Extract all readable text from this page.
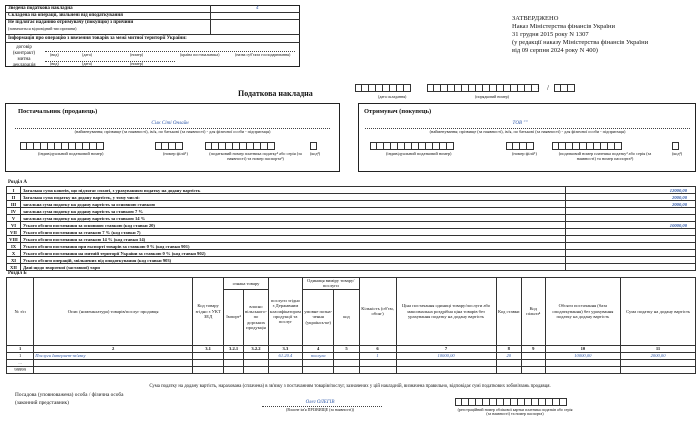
Зведена податкова накладна	4
Складена на операції, звільнені від оподаткування
Не підлягає наданню отримувачу (покупцю) з причини
(зазначається відповідний тип причини)
Інформація про операцію з ввезення товарів за межі митної території України:
договір (контракт)	(вид)	(дата)	(номер)	(країна постачальника)	(назва суб'єкта господарювання)
митна декларація	(вид)	(дата)	(номер)
ЗАТВЕРДЖЕНО
Наказ Міністерства фінансів України
31 грудня 2015 року N 1307
(у редакції наказу Міністерства фінансів України
від 09 серпня 2024 року N 400)
Податкова накладна	(дата складання)	(порядковий номер)
/
1
Постачальник (продавець)
Сілк Сіті Онлайн
(найменування; прізвище (за наявності), ім'я, по батькові (за наявності) - для фізичної особи - підприємця)
(індивідуальний податковий номер)	(номер філії¹)	(податковий номер платника податку² або серія (за наявності) та номер паспорта³)
(код²)
Отримувач (покупець)
ТОВ ""
(найменування; прізвище (за наявності), ім'я, по батькові (за наявності) - для фізичної особи - підприємця)
(індивідуальний податковий номер)	(номер філії¹)	(податковий номер платника податку² або серія (за наявності) та номер паспорта³)
(код²)
Розділ А
I	Загальна сума коштів, що підлягає сплаті, з урахуванням податку на додану вартість	12000,00
II	Загальна сума податку на додану вартість, у тому числі:	2000,00
III	загальна сума податку на додану вартість за основною ставкою	2000,00
IV	загальна сума податку на додану вартість за ставкою 7 %	
V	загальна сума податку на додану вартість за ставкою 14 %	
VI	Усього обсяги постачання за основною ставкою (код ставки 20)	10000,00
VII	Усього обсяги постачання за ставкою 7 % (код ставки 7)	
VIII	Усього обсяги постачання за ставкою 14 % (код ставки 14)	
IX	Усього обсяги постачання при експорті товарів за ставкою 0 % (код ставки 901)	
X	Усього обсяги постачання на митній території України за ставкою 0 % (код ставки 902)	
XI	Усього обсяги операцій, звільнених від оподаткування (код ставки 903)	
XII	Дані щодо зворотної (заставної) тари	
Розділ Б
№ з/п	Опис (номенклатура) товарів/послуг продавця	Код товару згідно з УКТ ЗЕД	ознака товару		послуги згідно з Державним класифікатором продукції та послуг	Одиниця виміру товару/послуги		Кількість (об'єм, обсяг)	Ціна постачання одиниці товару/послуги або максимальна роздрібна ціна товарів без урахування податку на додану вартість	Код ставки	Код пільги⁴	Обсяги постачання (база оподаткування) без урахування податку на додану вартість	Сума податку на додану вартість
			Імпорт²	власно вільського-по дорських продукція		умовне позна-чення (українсь-ке)	код						

1	2	3.1	3.2.1	3.2.2	3.3	4	5	6	7	8	9	10	11
1	Послуги Інтернет-зв'язку				61.20.4	послуга		1	10000,00	20		10000,00	2000,00
...													
99999													
Сума податку на додану вартість, нарахована (сплачена) в зв'язку з постачанням товарів/послуг, зазначених у цій накладній, визначена правильно, відповідає сумі податкових зобов'язань продавця.
Посадова (уповноважена) особа / фізична особа
(законний представник)	Олег ОЛЕГІВ
(Власне ім'я ПРІЗВИЩЕ (за наявності))	(реєстраційний номер облікової картки платника податків або серія (за наявності) та номер паспорта)
